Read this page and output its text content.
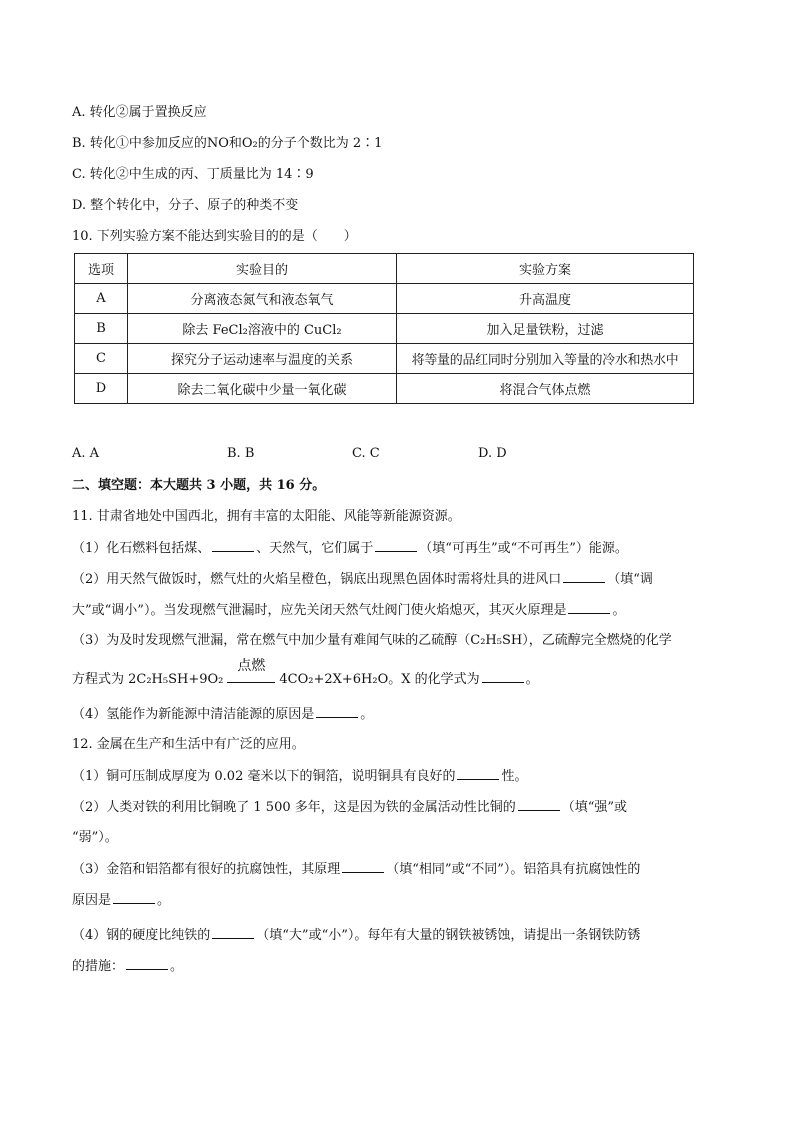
A. 转化②属于置换反应
B. 转化①中参加反应的NO和O₂的分子个数比为 2∶1
C. 转化②中生成的丙、丁质量比为 14∶9
D. 整个转化中，分子、原子的种类不变
10. 下列实验方案不能达到实验目的的是（　　）
选项	实验目的	实验方案
A	分离液态氮气和液态氧气	升高温度
B	除去 FeCl₂溶液中的 CuCl₂	加入足量铁粉，过滤
C	探究分子运动速率与温度的关系	将等量的品红同时分别加入等量的冷水和热水中
D	除去二氧化碳中少量一氧化碳	将混合气体点燃
A. A	B. B	C. C	D. D
二、填空题：本大题共 3 小题，共 16 分。
11. 甘肃省地处中国西北，拥有丰富的太阳能、风能等新能源资源。
（1）化石燃料包括煤、	、天然气，它们属于	（填“可再生”或“不可再生”）能源。
（2）用天然气做饭时，燃气灶的火焰呈橙色，锅底出现黑色固体时需将灶具的进风口	（填“调
大”或“调小”）。当发现燃气泄漏时，应先关闭天然气灶阀门使火焰熄灭，其灭火原理是	。
（3）为及时发现燃气泄漏，常在燃气中加少量有难闻气味的乙硫醇（C₂H₅SH），乙硫醇完全燃烧的化学
方程式为 2C₂H₅SH+9O₂
点燃
4CO₂+2X+6H₂O。X 的化学式为	。
（4）氢能作为新能源中清洁能源的原因是	。
12. 金属在生产和生活中有广泛的应用。
（1）铜可压制成厚度为 0.02 毫米以下的铜箔，说明铜具有良好的	性。
（2）人类对铁的利用比铜晚了 1 500 多年，这是因为铁的金属活动性比铜的	（填“强”或
“弱”）。
（3）金箔和铝箔都有很好的抗腐蚀性，其原理	（填“相同”或“不同”）。铝箔具有抗腐蚀性的
原因是	。
（4）钢的硬度比纯铁的	（填“大”或“小”）。每年有大量的钢铁被锈蚀，请提出一条钢铁防锈
的措施：	。
